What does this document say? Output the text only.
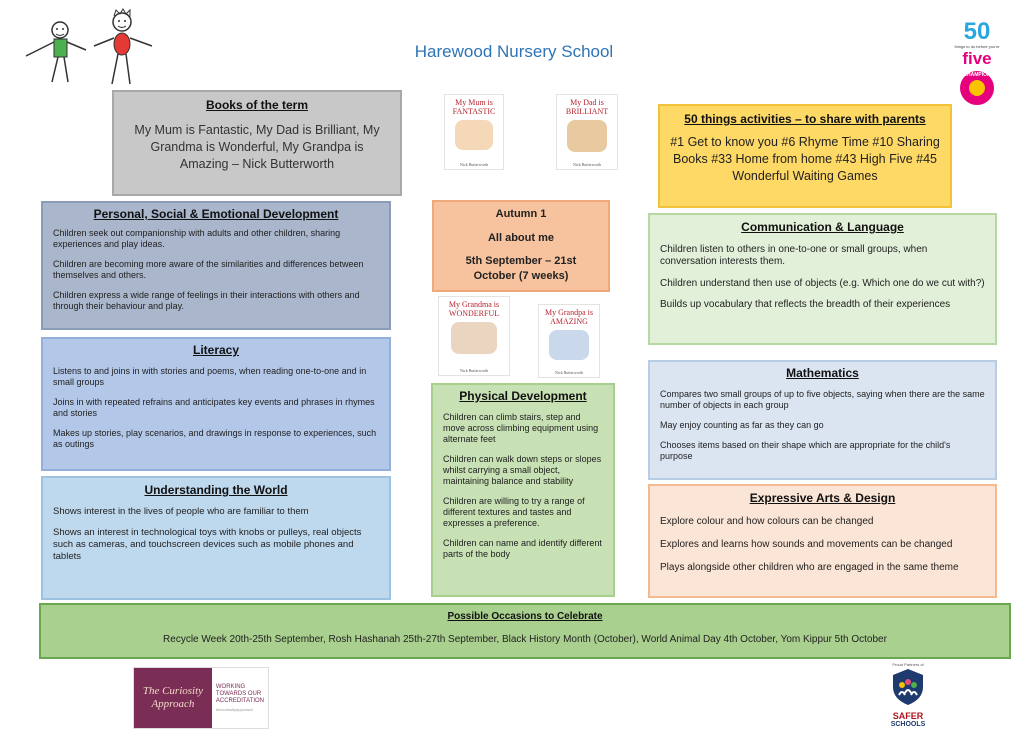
Harewood Nursery School
50
things to do before you're
five
CHAMPION
Books of the term

My Mum is Fantastic, My Dad is Brilliant, My Grandma is Wonderful, My Grandpa is Amazing – Nick Butterworth

My Mum is FANTASTIC
Nick Butterworth
My Dad is BRILLIANT
Nick Butterworth
My Grandma is WONDERFUL
Nick Butterworth
My Grandpa is AMAZING
Nick Butterworth
Autumn 1
All about me
5th September – 21st October (7 weeks)
50 things activities – to share with parents

#1 Get to know you #6 Rhyme Time #10 Sharing Books #33 Home from home #43 High Five #45 Wonderful Waiting Games

Personal, Social & Emotional Development

Children seek out companionship with adults and other children, sharing experiences and play ideas.

Children are becoming more aware of the similarities and differences between themselves and others.

Children express a wide range of feelings in their interactions with others and through their behaviour and play.

Literacy

Listens to and joins in with stories and poems, when reading one-to-one and in small groups

Joins in with repeated refrains and anticipates key events and phrases in rhymes and stories

Makes up stories, play scenarios, and drawings in response to experiences, such as outings

Understanding the World

Shows interest in the lives of people who are familiar to them

Shows an interest in technological toys with knobs or pulleys, real objects such as cameras, and touchscreen devices such as mobile phones and tablets

Physical Development

Children can climb stairs, step and move across climbing equipment using alternate feet

Children can walk down steps or slopes whilst carrying a small object, maintaining balance and stability

Children are willing to try a range of different textures and tastes and expresses a preference.

Children can name and identify different parts of the body

Communication & Language

Children listen to others in one-to-one or small groups, when conversation interests them.

Children understand then use of objects (e.g. Which one do we cut with?)

Builds up vocabulary that reflects the breadth of their experiences

Mathematics

Compares two small groups of up to five objects, saying when there are the same number of objects in each group

May enjoy counting as far as they can go

Chooses items based on their shape which are appropriate for the child's purpose

Expressive Arts & Design

Explore colour and how colours can be changed

Explores and learns how sounds and movements can be changed

Plays alongside other children who are engaged in the same theme

Possible Occasions to Celebrate

Recycle Week 20th-25th September, Rosh Hashanah 25th-27th September, Black History Month (October), World Animal Day 4th October, Yom Kippur 5th October

The Curiosity Approach
WORKING TOWARDS OUR ACCREDITATION
thecuriosityapproach
Proud Partners of
SAFER
SCHOOLS
